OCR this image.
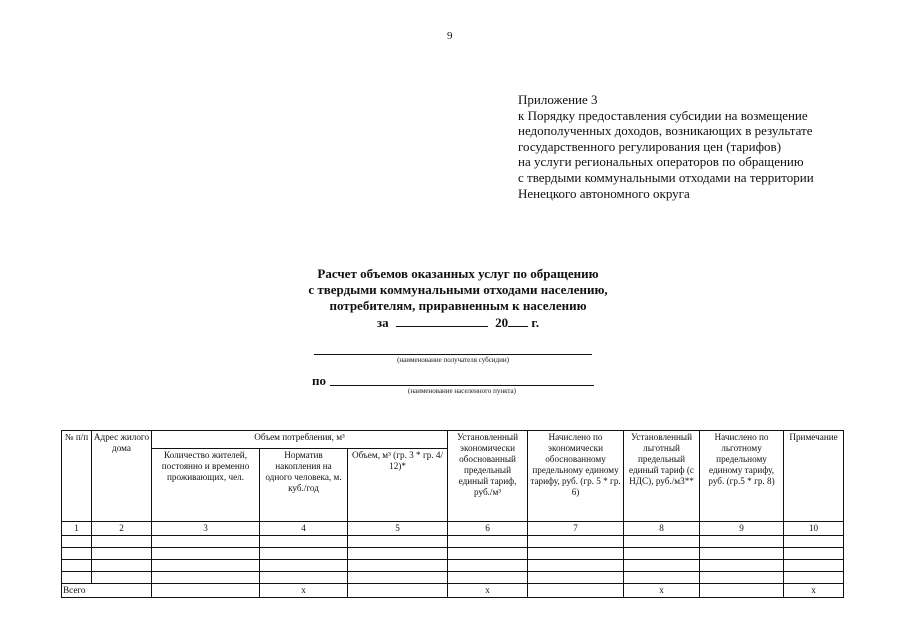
9
Приложение 3
к Порядку предоставления субсидии на возмещение
недополученных доходов, возникающих в результате
государственного регулирования цен (тарифов)
на услуги региональных операторов по обращению
с твердыми коммунальными отходами на территории
Ненецкого автономного округа
Расчет объемов оказанных услуг по обращению
с твердыми коммунальными отходами населению,
потребителям, приравненным к населению
за	20 г.
(наименование получателя субсидии)
по
(наименование населенного пункта)
№ п/п	Адрес жилого дома	Объем потребления, м³			Установленный экономически обоснованный предельный единый тариф, руб./м³	Начислено по экономически обоснованному предельному единому тарифу, руб. (гр. 5 * гр. 6)	Установленный льготный предельный единый тариф (с НДС), руб./м3**	Начислено по льготному предельному единому тарифу, руб. (гр.5 * гр. 8)	Примечание
		Количество жителей, постоянно и временно проживающих, чел.	Норматив накопления на одного человека, м. куб./год	Объем, м³ (гр. 3 * гр. 4/ 12)*					
1	2	3	4	5	6	7	8	9	10

Всего			x		x		x		x
